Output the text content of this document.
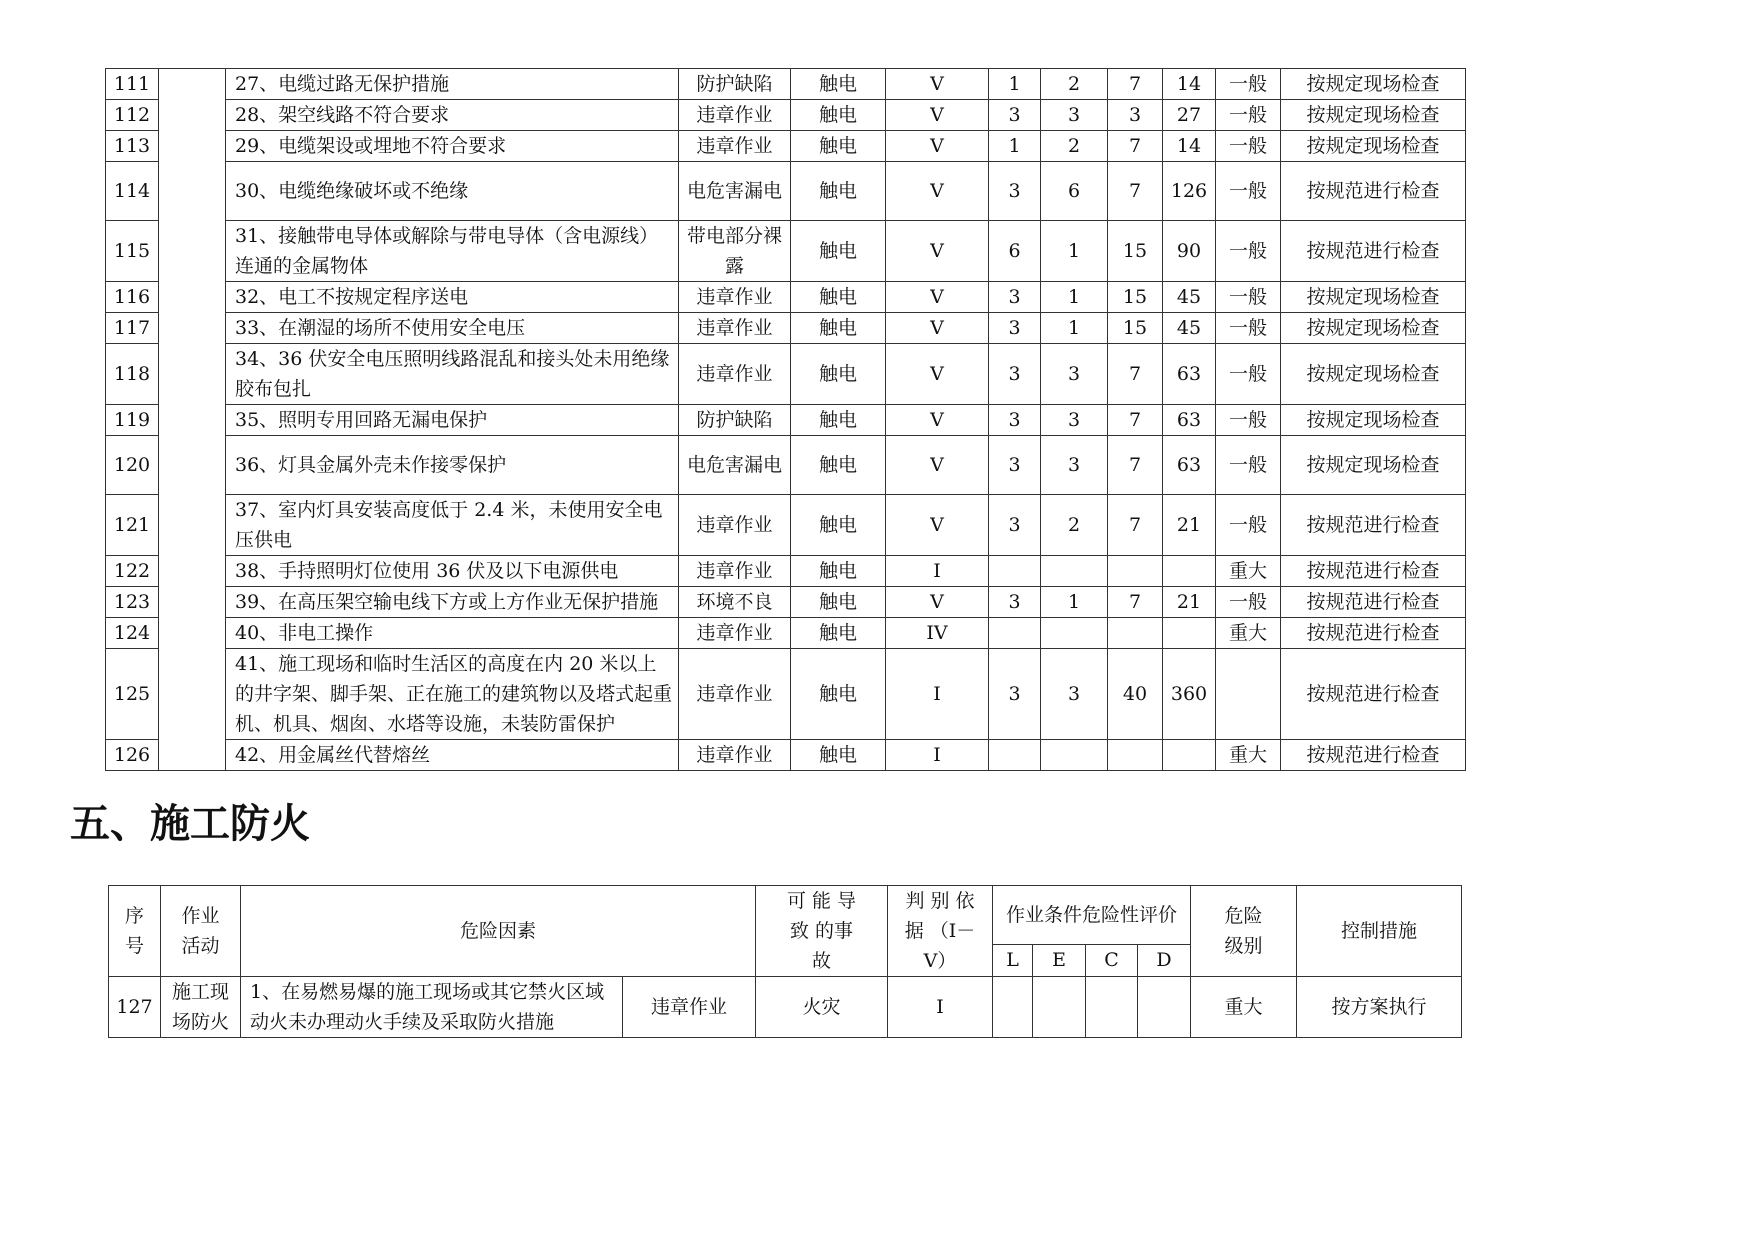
111		27、电缆过路无保护措施	防护缺陷	触电	V	1	2	7	14	一般	按规定现场检查
112		28、架空线路不符合要求	违章作业	触电	V	3	3	3	27	一般	按规定现场检查
113		29、电缆架设或埋地不符合要求	违章作业	触电	V	1	2	7	14	一般	按规定现场检查
114		30、电缆绝缘破坏或不绝缘	电危害漏电	触电	V	3	6	7	126	一般	按规范进行检查
115		31、接触带电导体或解除与带电导体（含电源线）连通的金属物体	带电部分裸露	触电	V	6	1	15	90	一般	按规范进行检查
116		32、电工不按规定程序送电	违章作业	触电	V	3	1	15	45	一般	按规定现场检查
117		33、在潮湿的场所不使用安全电压	违章作业	触电	V	3	1	15	45	一般	按规定现场检查
118		34、36 伏安全电压照明线路混乱和接头处未用绝缘胶布包扎	违章作业	触电	V	3	3	7	63	一般	按规定现场检查
119		35、照明专用回路无漏电保护	防护缺陷	触电	V	3	3	7	63	一般	按规定现场检查
120		36、灯具金属外壳未作接零保护	电危害漏电	触电	V	3	3	7	63	一般	按规定现场检查
121		37、室内灯具安装高度低于 2.4 米，未使用安全电压供电	违章作业	触电	V	3	2	7	21	一般	按规范进行检查
122		38、手持照明灯位使用 36 伏及以下电源供电	违章作业	触电	I					重大	按规范进行检查
123		39、在高压架空输电线下方或上方作业无保护措施	环境不良	触电	V	3	1	7	21	一般	按规范进行检查
124		40、非电工操作	违章作业	触电	IV					重大	按规范进行检查
125		41、施工现场和临时生活区的高度在内 20 米以上的井字架、脚手架、正在施工的建筑物以及塔式起重机、机具、烟囱、水塔等设施，未装防雷保护	违章作业	触电	I	3	3	40	360		按规范进行检查
126		42、用金属丝代替熔丝	违章作业	触电	I					重大	按规范进行检查
五、施工防火
序号	作业活动	危险因素		可 能 导 致 的事故	判 别 依 据 （I－V）	作业条件危险性评价				危险级别	控制措施
						L	E	C	D		
127	施工现场防火	1、在易燃易爆的施工现场或其它禁火区域动火未办理动火手续及采取防火措施	违章作业	火灾	I					重大	按方案执行
